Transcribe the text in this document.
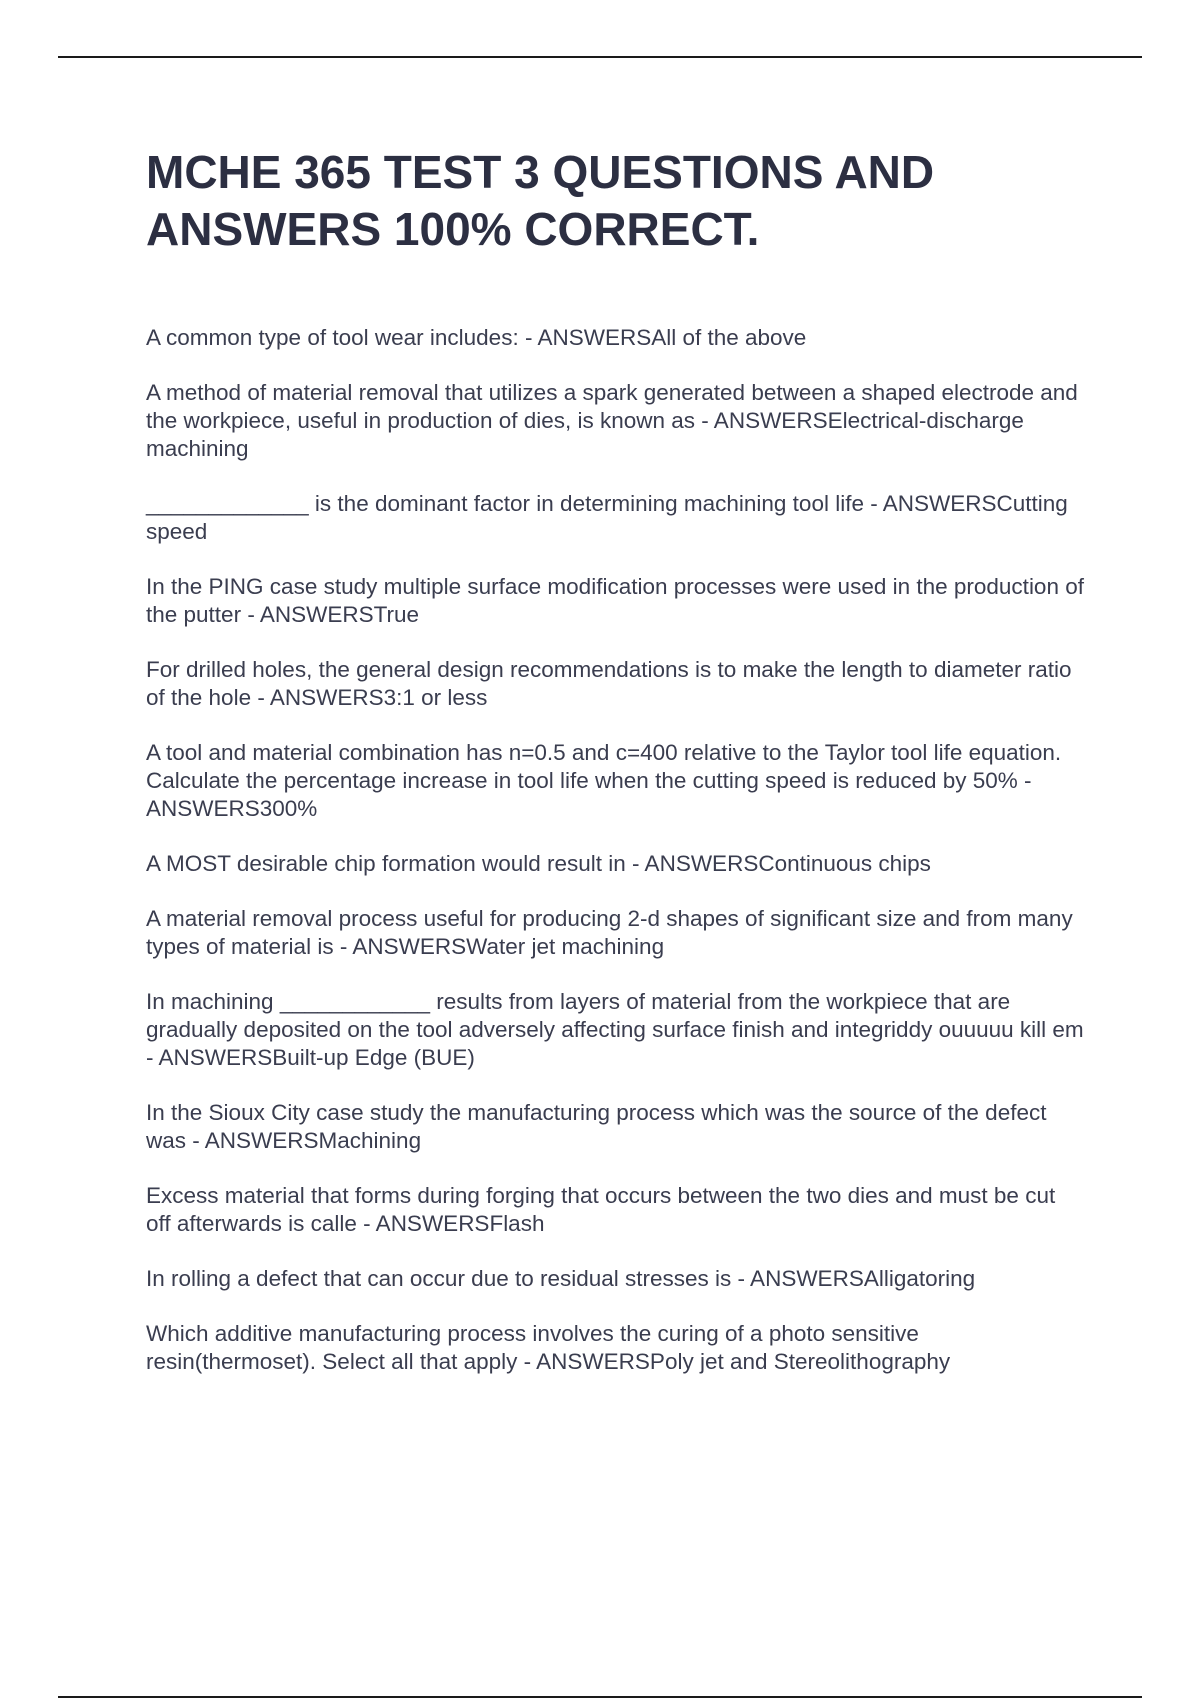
MCHE 365 TEST 3 QUESTIONS AND ANSWERS 100% CORRECT.

A common type of tool wear includes: - ANSWERSAll of the above

A method of material removal that utilizes a spark generated between a shaped electrode and the workpiece, useful in production of dies, is known as - ANSWERSElectrical-discharge machining

_____________ is the dominant factor in determining machining tool life - ANSWERSCutting speed

In the PING case study multiple surface modification processes were used in the production of the putter - ANSWERSTrue

For drilled holes, the general design recommendations is to make the length to diameter ratio of the hole - ANSWERS3:1 or less

A tool and material combination has n=0.5 and c=400 relative to the Taylor tool life equation. Calculate the percentage increase in tool life when the cutting speed is reduced by 50% - ANSWERS300%

A MOST desirable chip formation would result in - ANSWERSContinuous chips

A material removal process useful for producing 2-d shapes of significant size and from many types of material is - ANSWERSWater jet machining

In machining ____________ results from layers of material from the workpiece that are gradually deposited on the tool adversely affecting surface finish and integriddy ouuuuu kill em - ANSWERSBuilt-up Edge (BUE)

In the Sioux City case study the manufacturing process which was the source of the defect was - ANSWERSMachining

Excess material that forms during forging that occurs between the two dies and must be cut off afterwards is calle - ANSWERSFlash

In rolling a defect that can occur due to residual stresses is - ANSWERSAlligatoring

Which additive manufacturing process involves the curing of a photo sensitive resin(thermoset). Select all that apply - ANSWERSPoly jet and Stereolithography
